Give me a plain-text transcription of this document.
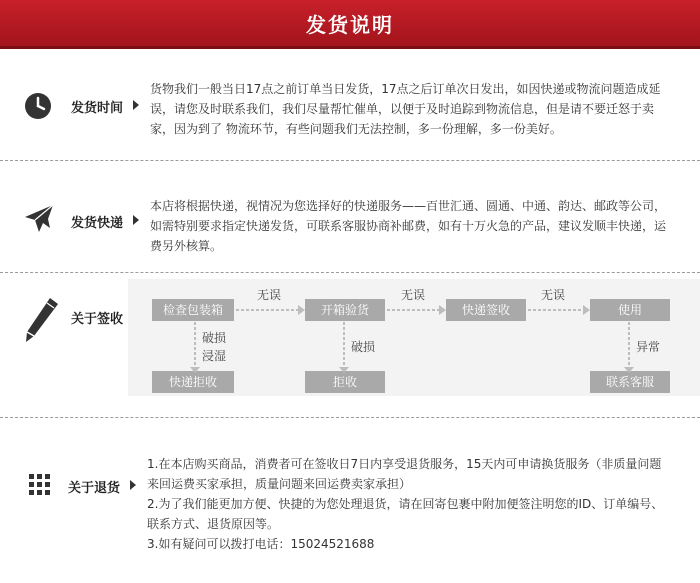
发货说明
发货时间
货物我们一般当日17点之前订单当日发货，17点之后订单次日发出，如因快递或物流问题造成延
误，请您及时联系我们，我们尽量帮忙催单，以便于及时追踪到物流信息，但是请不要迁怒于卖
家，因为到了 物流环节，有些问题我们无法控制，多一份理解，多一份美好。
发货快递
本店将根据快递，视情况为您选择好的快递服务——百世汇通、圆通、中通、韵达、邮政等公司，
如需特别要求指定快递发货，可联系客服协商补邮费，如有十万火急的产品，建议发顺丰快递，运
费另外核算。
关于签收
检查包装箱	开箱验货	快递签收	使用
快递拒收	拒收	联系客服
无误	无误	无误
破损
浸湿
破损	异常
关于退货
1.在本店购买商品，消费者可在签收日7日内享受退货服务，15天内可申请换货服务（非质量问题
来回运费买家承担，质量问题来回运费卖家承担）
2.为了我们能更加方便、快捷的为您处理退货，请在回寄包裹中附加便签注明您的ID、订单编号、
联系方式、退货原因等。
3.如有疑问可以拨打电话：15024521688
